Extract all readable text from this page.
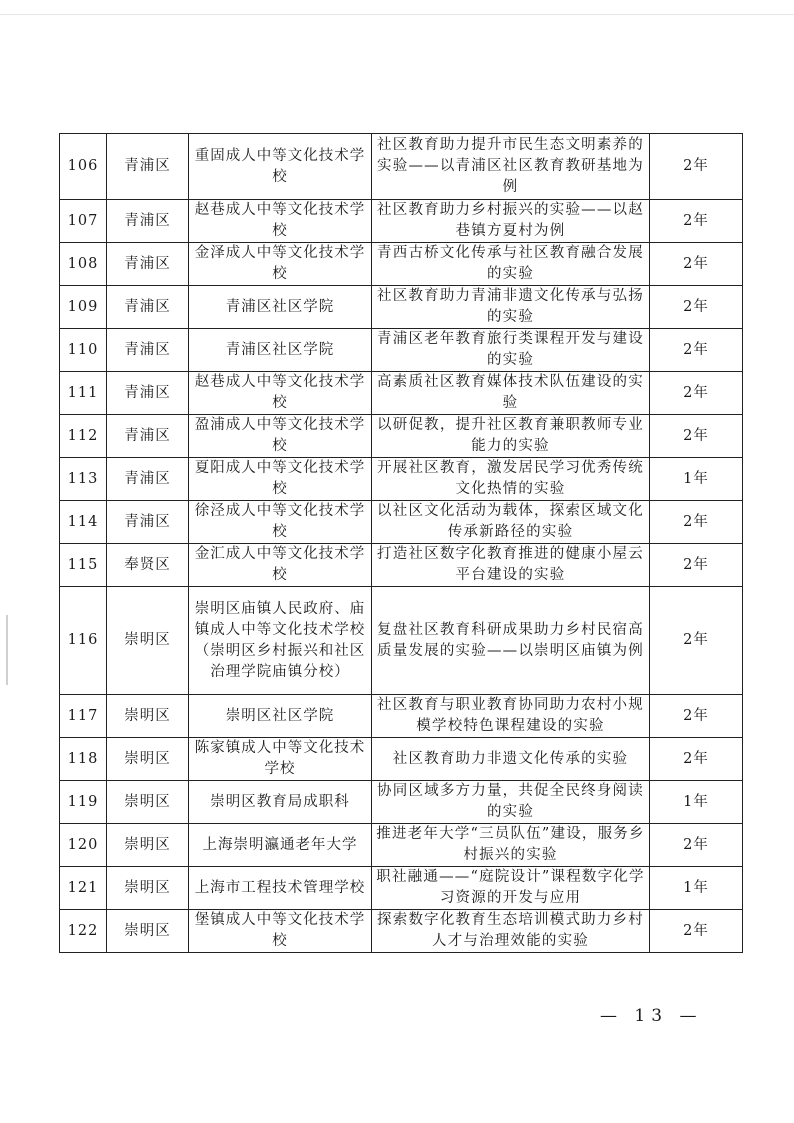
106	青浦区	重固成人中等文化技术学校	社区教育助力提升市民生态文明素养的实验——以青浦区社区教育教研基地为例	2年
107	青浦区	赵巷成人中等文化技术学校	社区教育助力乡村振兴的实验——以赵巷镇方夏村为例	2年
108	青浦区	金泽成人中等文化技术学校	青西古桥文化传承与社区教育融合发展的实验	2年
109	青浦区	青浦区社区学院	社区教育助力青浦非遗文化传承与弘扬的实验	2年
110	青浦区	青浦区社区学院	青浦区老年教育旅行类课程开发与建设的实验	2年
111	青浦区	赵巷成人中等文化技术学校	高素质社区教育媒体技术队伍建设的实验	2年
112	青浦区	盈浦成人中等文化技术学校	以研促教，提升社区教育兼职教师专业能力的实验	2年
113	青浦区	夏阳成人中等文化技术学校	开展社区教育，激发居民学习优秀传统文化热情的实验	1年
114	青浦区	徐泾成人中等文化技术学校	以社区文化活动为载体，探索区域文化传承新路径的实验	2年
115	奉贤区	金汇成人中等文化技术学校	打造社区数字化教育推进的健康小屋云平台建设的实验	2年
116	崇明区	崇明区庙镇人民政府、庙镇成人中等文化技术学校（崇明区乡村振兴和社区治理学院庙镇分校）	复盘社区教育科研成果助力乡村民宿高质量发展的实验——以崇明区庙镇为例	2年
117	崇明区	崇明区社区学院	社区教育与职业教育协同助力农村小规模学校特色课程建设的实验	2年
118	崇明区	陈家镇成人中等文化技术学校	社区教育助力非遗文化传承的实验	2年
119	崇明区	崇明区教育局成职科	协同区域多方力量，共促全民终身阅读的实验	1年
120	崇明区	上海崇明瀛通老年大学	推进老年大学“三员队伍”建设，服务乡村振兴的实验	2年
121	崇明区	上海市工程技术管理学校	职社融通——“庭院设计”课程数字化学习资源的开发与应用	1年
122	崇明区	堡镇成人中等文化技术学校	探索数字化教育生态培训模式助力乡村人才与治理效能的实验	2年
— 13 —
